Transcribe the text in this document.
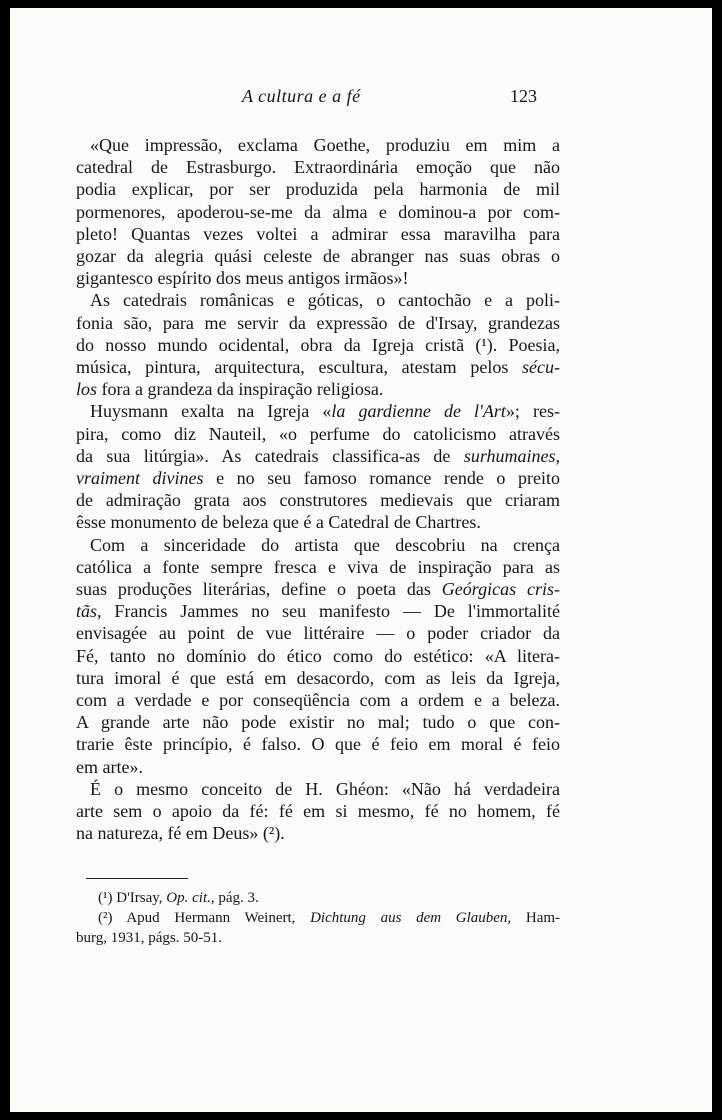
A cultura e a fé	123
«Que impressão, exclama Goethe, produziu em mim a
catedral de Estrasburgo. Extraordinária emoção que não
podia explicar, por ser produzida pela harmonia de mil
pormenores, apoderou-se-me da alma e dominou-a por com-
pleto! Quantas vezes voltei a admirar essa maravilha para
gozar da alegria quási celeste de abranger nas suas obras o
gigantesco espírito dos meus antigos irmãos»!
As catedrais românicas e góticas, o cantochão e a poli-
fonia são, para me servir da expressão de d'Irsay, grandezas
do nosso mundo ocidental, obra da Igreja cristã (¹). Poesia,
música, pintura, arquitectura, escultura, atestam pelos sécu-
los fora a grandeza da inspiração religiosa.
Huysmann exalta na Igreja «la gardienne de l'Art»; res-
pira, como diz Nauteil, «o perfume do catolicismo através
da sua litúrgia». As catedrais classifica-as de surhumaines,
vraiment divines e no seu famoso romance rende o preito
de admiração grata aos construtores medievais que criaram
êsse monumento de beleza que é a Catedral de Chartres.
Com a sinceridade do artista que descobriu na crença
católica a fonte sempre fresca e viva de inspiração para as
suas produções literárias, define o poeta das Geórgicas cris-
tãs, Francis Jammes no seu manifesto — De l'immortalité
envisagée au point de vue littéraire — o poder criador da
Fé, tanto no domínio do ético como do estético: «A litera-
tura imoral é que está em desacordo, com as leis da Igreja,
com a verdade e por conseqüência com a ordem e a beleza.
A grande arte não pode existir no mal; tudo o que con-
trarie êste princípio, é falso. O que é feio em moral é feio
em arte».
É o mesmo conceito de H. Ghéon: «Não há verdadeira
arte sem o apoio da fé: fé em si mesmo, fé no homem, fé
na natureza, fé em Deus» (²).
(¹) D'Irsay, Op. cit., pág. 3.
(²) Apud Hermann Weinert, Dichtung aus dem Glauben, Ham-
burg, 1931, págs. 50-51.
